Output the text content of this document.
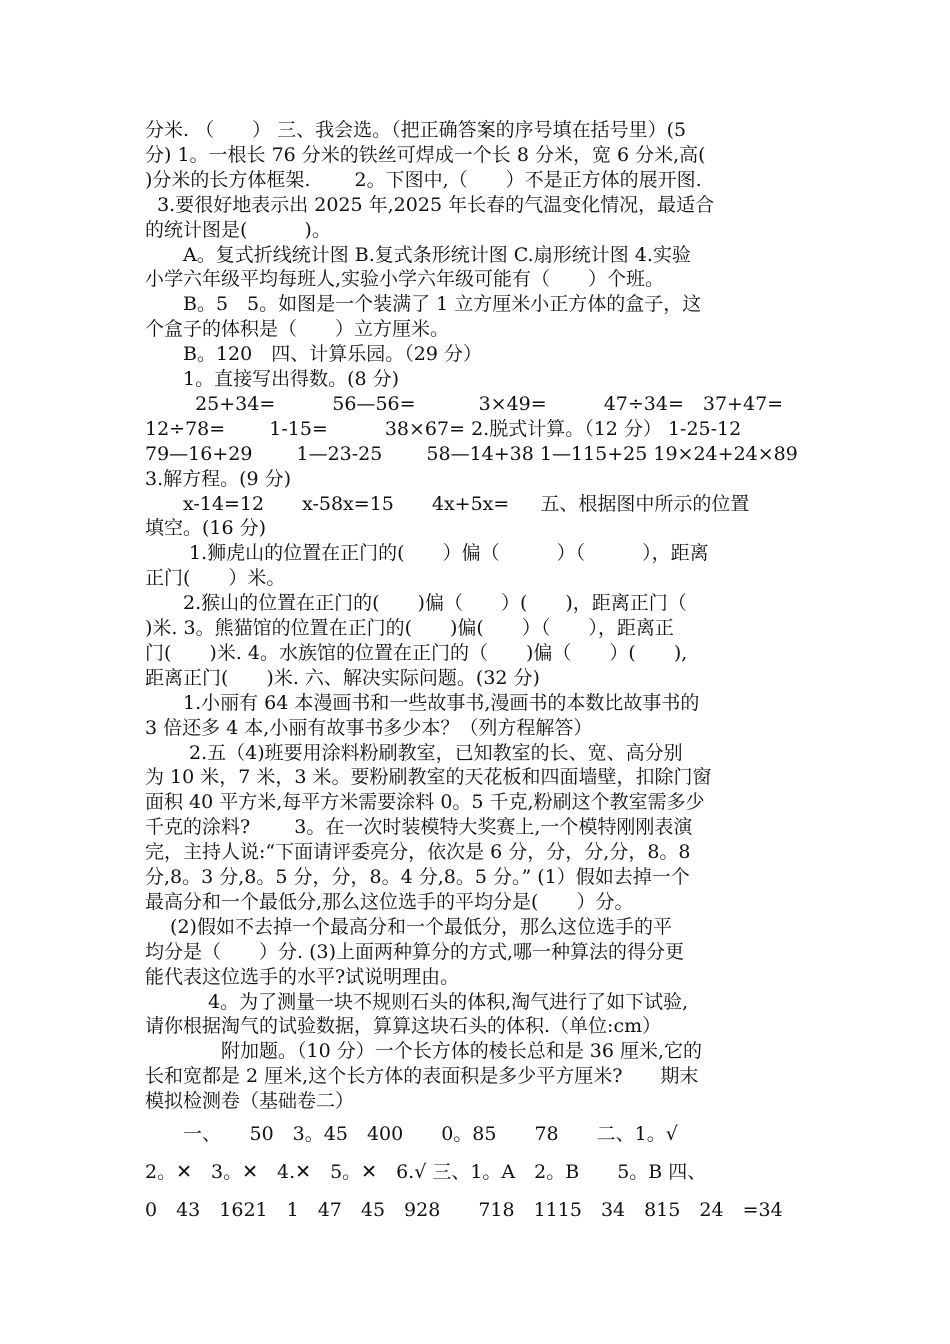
分米. （　　） 三、我会选。（把正确答案的序号填在括号里）(5
分) 1。一根长 76 分米的铁丝可焊成一个长 8 分米，宽 6 分米,高(
)分米的长方体框架.　　 2。下图中,（　　）不是正方体的展开图.
3.要很好地表示出 2025 年,2025 年长春的气温变化情况，最适合
的统计图是(　　　)。
　　A。复式折线统计图 B.复式条形统计图 C.扇形统计图 4.实验
小学六年级平均每班人,实验小学六年级可能有（　　）个班。
　　B。5　5。如图是一个装满了 1 立方厘米小正方体的盒子，这
个盒子的体积是（　　）立方厘米。
　　B。120　四、计算乐园。（29 分）
　　1。直接写出得数。(8 分)
　　  25+34=　　　56—56=　　　 3×49=　　　47÷34=　37+47=
12÷78=　　 1-15=　　　38×67= 2.脱式计算。（12 分） 1-25-12
79—16+29　　 1—23-25　　 58—14+38 1—115+25 19×24+24×89
3.解方程。(9 分)
　　x-14=12　　x-58x=15　　4x+5x=　  五、根据图中所示的位置
填空。(16 分)
　　 1.狮虎山的位置在正门的(　　）偏（　　　）（　　　），距离
正门(　　）米。
　　2.猴山的位置在正门的(　　)偏（　　）(　　)，距离正门（
)米. 3。熊猫馆的位置在正门的(　　)偏(　　）（　　），距离正
门(　　)米. 4。水族馆的位置在正门的（　　)偏（　　）(　　),
距离正门(　　)米. 六、解决实际问题。(32 分)
　　1.小丽有 64 本漫画书和一些故事书,漫画书的本数比故事书的
3 倍还多 4 本,小丽有故事书多少本？（列方程解答）
　　 2.五（4)班要用涂料粉刷教室，已知教室的长、宽、高分别
为 10 米，7 米，3 米。要粉刷教室的天花板和四面墙壁，扣除门窗
面积 40 平方米,每平方米需要涂料 0。5 千克,粉刷这个教室需多少
千克的涂料?　　 3。在一次时装模特大奖赛上,一个模特刚刚表演
完，主持人说:“下面请评委亮分，依次是 6 分，分，分,分，8。8
分,8。3 分,8。5 分，分，8。4 分,8。5 分。” (1）假如去掉一个
最高分和一个最低分,那么这位选手的平均分是(　　）分。
　 (2)假如不去掉一个最高分和一个最低分，那么这位选手的平
均分是（　　）分. (3)上面两种算分的方式,哪一种算法的得分更
能代表这位选手的水平?试说明理由。
　　　 4。为了测量一块不规则石头的体积,淘气进行了如下试验,
请你根据淘气的试验数据，算算这块石头的体积.（单位:cm）
　　　　附加题。（10 分）一个长方体的棱长总和是 36 厘米,它的
长和宽都是 2 厘米,这个长方体的表面积是多少平方厘米?　　期末
模拟检测卷（基础卷二）
　　一、　　50　3。45　400　　0。85　　78　　二、1。√
2。✕　3。✕　4.✕　5。✕　6.√ 三、1。A　2。B　　5。B 四、
0　43　1621　1　47　45　928　　718　1115　34　815　24　=34
